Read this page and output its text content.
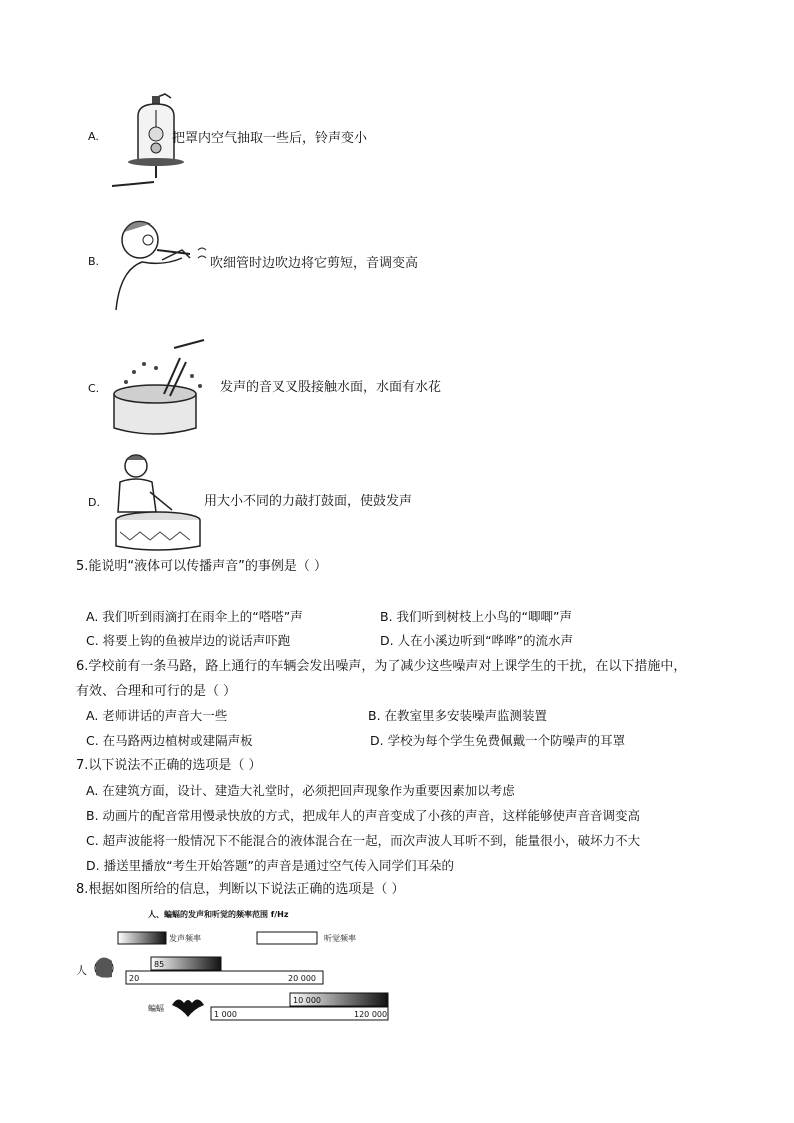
A.	把罩内空气抽取一些后，铃声变小
B.	吹细管时边吹边将它剪短，音调变高
C.	发声的音叉叉股接触水面，水面有水花
D.	用大小不同的力敲打鼓面，使鼓发声
5.能说明“液体可以传播声音”的事例是（ ）
A. 我们听到雨滴打在雨伞上的“嗒嗒”声	B. 我们听到树枝上小鸟的“唧唧”声
C. 将要上钩的鱼被岸边的说话声吓跑	D. 人在小溪边听到“哗哗”的流水声
6.学校前有一条马路，路上通行的车辆会发出噪声，为了减少这些噪声对上课学生的干扰，在以下措施中，
有效、合理和可行的是（ ）
A. 老师讲话的声音大一些	B. 在教室里多安装噪声监测装置
C. 在马路两边植树或建隔声板	D. 学校为每个学生免费佩戴一个防噪声的耳罩
7.以下说法不正确的选项是（ ）
A. 在建筑方面，设计、建造大礼堂时，必须把回声现象作为重要因素加以考虑
B. 动画片的配音常用慢录快放的方式，把成年人的声音变成了小孩的声音，这样能够使声音音调变高
C. 超声波能将一般情况下不能混合的液体混合在一起，而次声波人耳听不到，能量很小，破坏力不大
D. 播送里播放“考生开始答题”的声音是通过空气传入同学们耳朵的
8.根据如图所给的信息，判断以下说法正确的选项是（ ）
人、蝙蝠的发声和听觉的频率范围 f/Hz
发声频率	听觉频率
人	85
20	20 000
蝙蝠
10 000
1 000	120 000
